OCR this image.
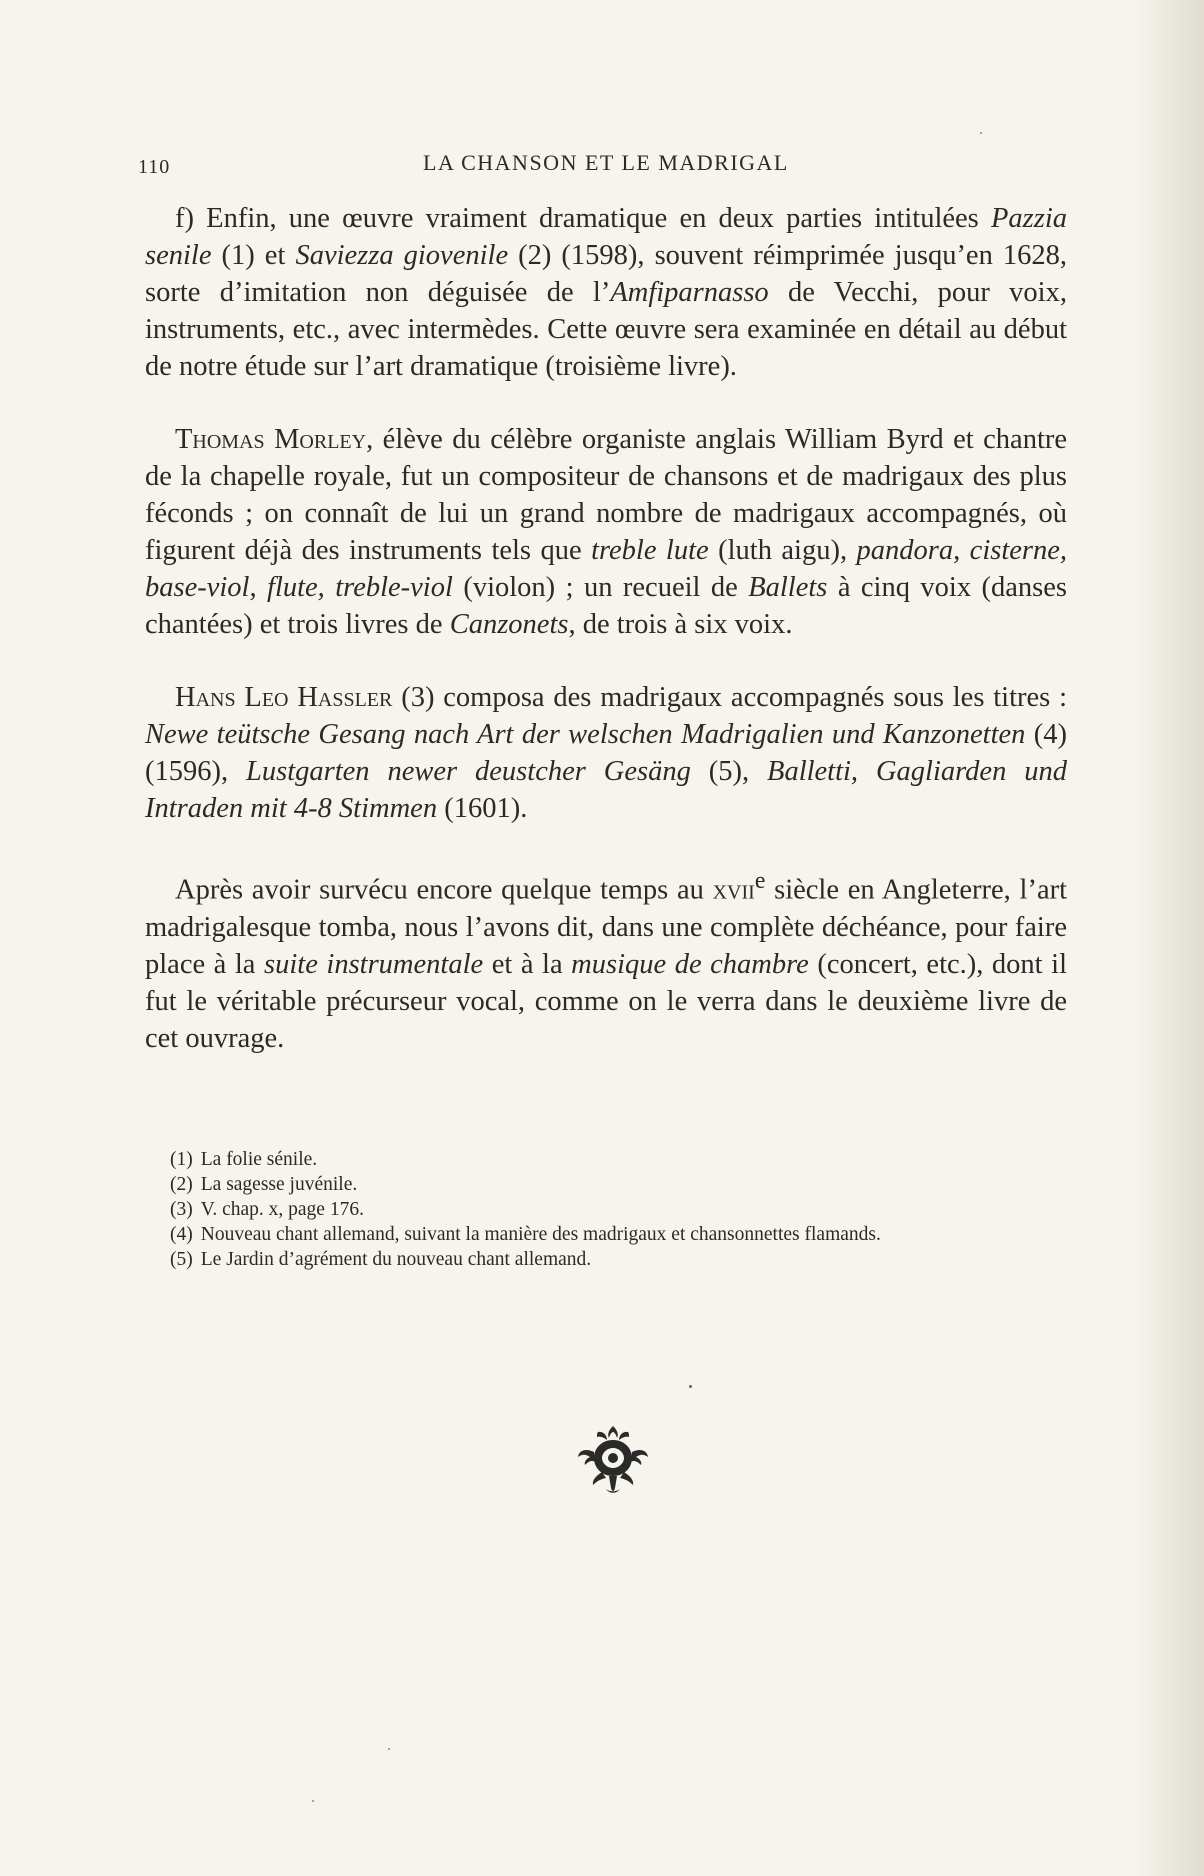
110	LA CHANSON ET LE MADRIGAL

f) Enfin, une œuvre vraiment dramatique en deux parties intitulées Pazzia senile (1) et Saviezza giovenile (2) (1598), souvent réimprimée jusqu’en 1628, sorte d’imitation non déguisée de l’Amfiparnasso de Vecchi, pour voix, instruments, etc., avec intermèdes. Cette œuvre sera examinée en détail au début de notre étude sur l’art dramatique (troisième livre).

Thomas Morley, élève du célèbre organiste anglais William Byrd et chantre de la chapelle royale, fut un compositeur de chansons et de madrigaux des plus féconds ; on connaît de lui un grand nombre de madrigaux accompagnés, où figurent déjà des instruments tels que treble lute (luth aigu), pandora, cisterne, base-viol, flute, treble-viol (violon) ; un recueil de Ballets à cinq voix (danses chantées) et trois livres de Canzonets, de trois à six voix.

Hans Leo Hassler (3) composa des madrigaux accompagnés sous les titres : Newe teütsche Gesang nach Art der welschen Madrigalien und Kanzonetten (4) (1596), Lustgarten newer deustcher Gesäng (5), Balletti, Gagliarden und Intraden mit 4-8 Stimmen (1601).

Après avoir survécu encore quelque temps au xvii$^e$ siècle en Angleterre, l’art madrigalesque tomba, nous l’avons dit, dans une complète déchéance, pour faire place à la suite instrumentale et à la musique de chambre (concert, etc.), dont il fut le véritable précurseur vocal, comme on le verra dans le deuxième livre de cet ouvrage.

(1) La folie sénile.
(2) La sagesse juvénile.
(3) V. chap. x, page 176.
(4) Nouveau chant allemand, suivant la manière des madrigaux et chansonnettes flamands.
(5) Le Jardin d’agrément du nouveau chant allemand.
